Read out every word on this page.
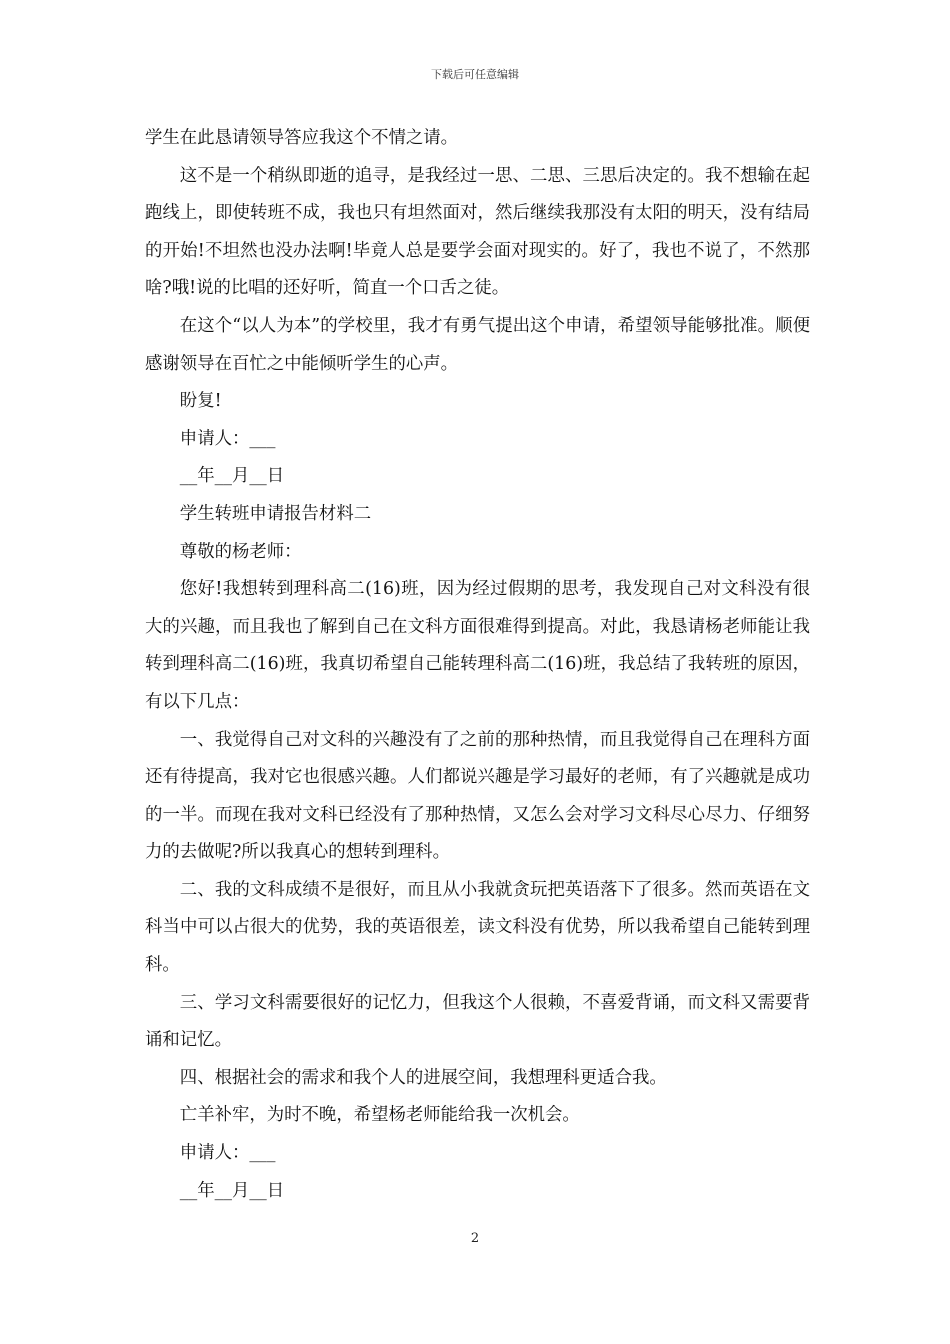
下载后可任意编辑

学生在此恳请领导答应我这个不情之请。

这不是一个稍纵即逝的追寻，是我经过一思、二思、三思后决定的。我不想输在起跑线上，即使转班不成，我也只有坦然面对，然后继续我那没有太阳的明天，没有结局的开始!不坦然也没办法啊!毕竟人总是要学会面对现实的。好了，我也不说了，不然那啥?哦!说的比唱的还好听，简直一个口舌之徒。

在这个“以人为本”的学校里，我才有勇气提出这个申请，希望领导能够批准。顺便感谢领导在百忙之中能倾听学生的心声。

盼复!

申请人：___

__年__月__日

学生转班申请报告材料二

尊敬的杨老师：

您好!我想转到理科高二(16)班，因为经过假期的思考，我发现自己对文科没有很大的兴趣，而且我也了解到自己在文科方面很难得到提高。对此，我恳请杨老师能让我转到理科高二(16)班，我真切希望自己能转理科高二(16)班，我总结了我转班的原因，有以下几点：

一、我觉得自己对文科的兴趣没有了之前的那种热情，而且我觉得自己在理科方面还有待提高，我对它也很感兴趣。人们都说兴趣是学习最好的老师，有了兴趣就是成功的一半。而现在我对文科已经没有了那种热情，又怎么会对学习文科尽心尽力、仔细努力的去做呢?所以我真心的想转到理科。

二、我的文科成绩不是很好，而且从小我就贪玩把英语落下了很多。然而英语在文科当中可以占很大的优势，我的英语很差，读文科没有优势，所以我希望自己能转到理科。

三、学习文科需要很好的记忆力，但我这个人很赖，不喜爱背诵，而文科又需要背诵和记忆。

四、根据社会的需求和我个人的进展空间，我想理科更适合我。

亡羊补牢，为时不晚，希望杨老师能给我一次机会。

申请人：___

__年__月__日

2
